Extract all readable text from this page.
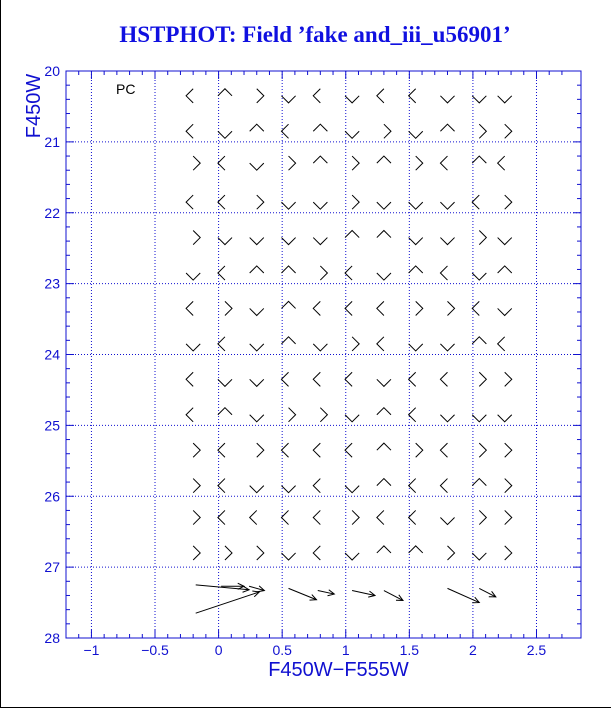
HSTPHOT: Field ’fake and_iii_u56901’
−1	−0.5	0	0.5	1	1.5	2	2.5
20
21
22
23
24
25
26
27
28
PC
F450W−F555W
F450W
